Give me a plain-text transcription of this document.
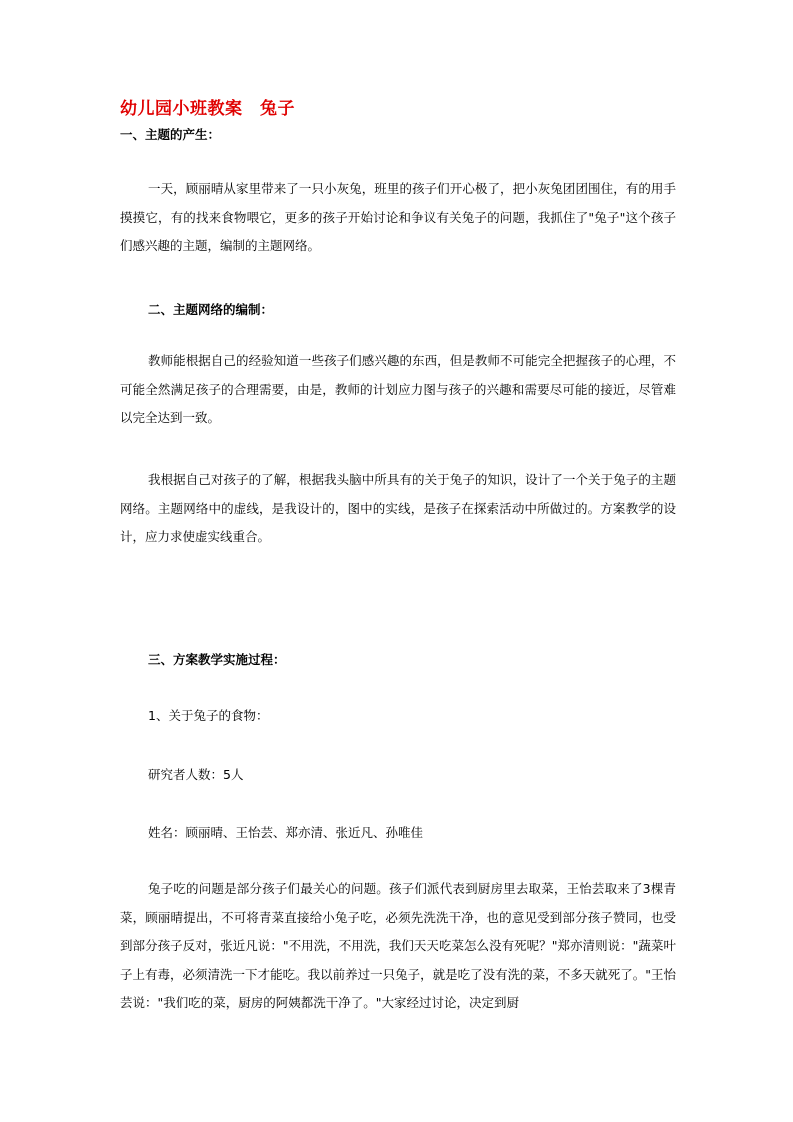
幼儿园小班教案　兔子
一、主题的产生：

一天，顾丽晴从家里带来了一只小灰兔，班里的孩子们开心极了，把小灰兔团团围住，有的用手摸摸它，有的找来食物喂它，更多的孩子开始讨论和争议有关兔子的问题，我抓住了"兔子"这个孩子们感兴趣的主题，编制的主题网络。

二、主题网络的编制：

教师能根据自己的经验知道一些孩子们感兴趣的东西，但是教师不可能完全把握孩子的心理，不可能全然满足孩子的合理需要，由是，教师的计划应力图与孩子的兴趣和需要尽可能的接近，尽管难以完全达到一致。

我根据自己对孩子的了解，根据我头脑中所具有的关于兔子的知识，设计了一个关于兔子的主题网络。主题网络中的虚线，是我设计的，图中的实线，是孩子在探索活动中所做过的。方案教学的设计，应力求使虚实线重合。

三、方案教学实施过程：
1、关于兔子的食物：
研究者人数：5人
姓名：顾丽晴、王怡芸、郑亦清、张近凡、孙唯佳

兔子吃的问题是部分孩子们最关心的问题。孩子们派代表到厨房里去取菜，王怡芸取来了3棵青菜，顾丽晴提出，不可将青菜直接给小兔子吃，必须先洗洗干净，也的意见受到部分孩子赞同，也受到部分孩子反对，张近凡说："不用洗，不用洗，我们天天吃菜怎么没有死呢？"郑亦清则说："蔬菜叶子上有毒，必须清洗一下才能吃。我以前养过一只兔子，就是吃了没有洗的菜，不多天就死了。"王怡芸说："我们吃的菜，厨房的阿姨都洗干净了。"大家经过讨论，决定到厨
